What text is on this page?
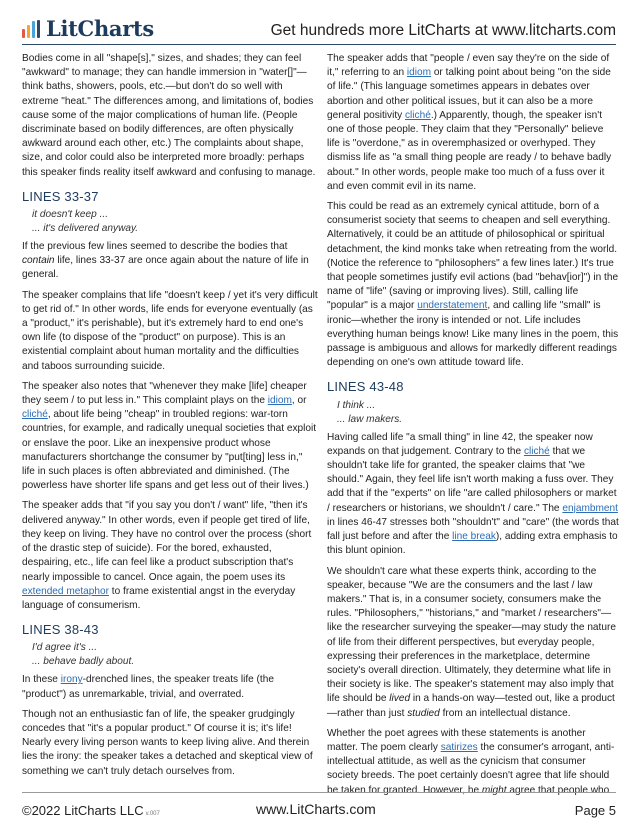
LitCharts	Get hundreds more LitCharts at www.litcharts.com

Bodies come in all "shape[s]," sizes, and shades; they can feel "awkward" to manage; they can handle immersion in "water[]"—think baths, showers, pools, etc.—but don't do so well with extreme "heat." The differences among, and limitations of, bodies cause some of the major complications of human life. (People discriminate based on bodily differences, are often physically awkward around each other, etc.) The complaints about shape, size, and color could also be interpreted more broadly: perhaps this speaker finds reality itself awkward and confusing to manage.

LINES 33-37
it doesn't keep ...
... it's delivered anyway.

If the previous few lines seemed to describe the bodies that contain life, lines 33-37 are once again about the nature of life in general.

The speaker complains that life "doesn't keep / yet it's very difficult to get rid of." In other words, life ends for everyone eventually (as a "product," it's perishable), but it's extremely hard to end one's own life (to dispose of the "product" on purpose). This is an existential complaint about human mortality and the difficulties and taboos surrounding suicide.

The speaker also notes that "whenever they make [life] cheaper they seem / to put less in." This complaint plays on the idiom, or cliché, about life being "cheap" in troubled regions: war-torn countries, for example, and radically unequal societies that exploit or enslave the poor. Like an inexpensive product whose manufacturers shortchange the consumer by "put[ting] less in," life in such places is often abbreviated and diminished. (The powerless have shorter life spans and get less out of their lives.)

The speaker adds that "if you say you don't / want" life, "then it's delivered anyway." In other words, even if people get tired of life, they keep on living. They have no control over the process (short of the drastic step of suicide). For the bored, exhausted, despairing, etc., life can feel like a product subscription that's nearly impossible to cancel. Once again, the poem uses its extended metaphor to frame existential angst in the everyday language of consumerism.

LINES 38-43
I'd agree it's ...
... behave badly about.

In these irony-drenched lines, the speaker treats life (the "product") as unremarkable, trivial, and overrated.

Though not an enthusiastic fan of life, the speaker grudgingly concedes that "it's a popular product." Of course it is; it's life! Nearly every living person wants to keep living alive. And therein lies the irony: the speaker takes a detached and skeptical view of something we can't truly detach ourselves from.

The speaker adds that "people / even say they're on the side of it," referring to an idiom or talking point about being "on the side of life." (This language sometimes appears in debates over abortion and other political issues, but it can also be a more general positivity cliché.) Apparently, though, the speaker isn't one of those people. They claim that they "Personally" believe life is "overdone," as in overemphasized or overhyped. They dismiss life as "a small thing people are ready / to behave badly about." In other words, people make too much of a fuss over it and even commit evil in its name.

This could be read as an extremely cynical attitude, born of a consumerist society that seems to cheapen and sell everything. Alternatively, it could be an attitude of philosophical or spiritual detachment, the kind monks take when retreating from the world. (Notice the reference to "philosophers" a few lines later.) It's true that people sometimes justify evil actions (bad "behav[ior]") in the name of "life" (saving or improving lives). Still, calling life "popular" is a major understatement, and calling life "small" is ironic—whether the irony is intended or not. Life includes everything human beings know! Like many lines in the poem, this passage is ambiguous and allows for markedly different readings depending on one's own attitude toward life.

LINES 43-48
I think ...
... law makers.

Having called life "a small thing" in line 42, the speaker now expands on that judgement. Contrary to the cliché that we shouldn't take life for granted, the speaker claims that "we should." Again, they feel life isn't worth making a fuss over. They add that if the "experts" on life "are called philosophers or market / researchers or historians, we shouldn't / care." The enjambment in lines 46-47 stresses both "shouldn't" and "care" (the words that fall just before and after the line break), adding extra emphasis to this blunt opinion.

We shouldn't care what these experts think, according to the speaker, because "We are the consumers and the last / law makers." That is, in a consumer society, consumers make the rules. "Philosophers," "historians," and "market / researchers"—like the researcher surveying the speaker—may study the nature of life from their different perspectives, but everyday people, expressing their preferences in the marketplace, determine society's overall direction. Ultimately, they determine what life in their society is like. The speaker's statement may also imply that life should be lived in a hands-on way—tested out, like a product—rather than just studied from an intellectual distance.

Whether the poet agrees with these statements is another matter. The poem clearly satirizes the consumer's arrogant, anti-intellectual attitude, as well as the cynicism that consumer society breeds. The poet certainly doesn't agree that life should be taken for granted. However, he might agree that people who

©2022 LitCharts LLC v.007	www.LitCharts.com	Page 5
